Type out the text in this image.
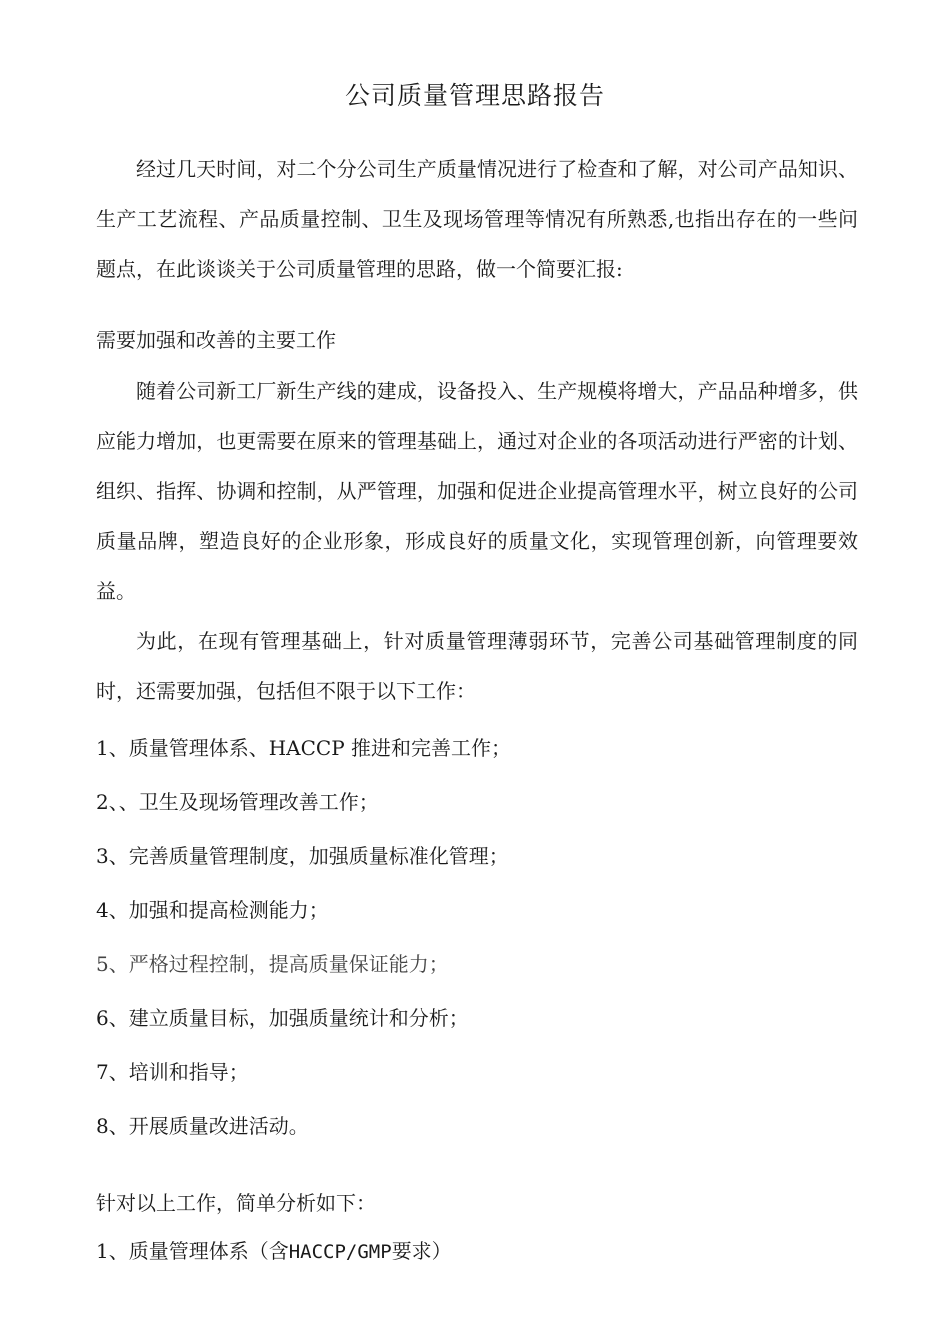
公司质量管理思路报告
经过几天时间，对二个分公司生产质量情况进行了检查和了解，对公司产品知识、生产工艺流程、产品质量控制、卫生及现场管理等情况有所熟悉,也指出存在的一些问题点，在此谈谈关于公司质量管理的思路，做一个简要汇报:
需要加强和改善的主要工作
随着公司新工厂新生产线的建成，设备投入、生产规模将增大，产品品种增多，供应能力增加，也更需要在原来的管理基础上，通过对企业的各项活动进行严密的计划、组织、指挥、协调和控制，从严管理，加强和促进企业提高管理水平，树立良好的公司质量品牌，塑造良好的企业形象，形成良好的质量文化，实现管理创新，向管理要效益。
为此，在现有管理基础上，针对质量管理薄弱环节，完善公司基础管理制度的同时，还需要加强，包括但不限于以下工作：
1、质量管理体系、HACCP 推进和完善工作；
2、、卫生及现场管理改善工作；
3、完善质量管理制度，加强质量标准化管理；
4、加强和提高检测能力；
5、严格过程控制，提高质量保证能力；
6、建立质量目标，加强质量统计和分析；
7、培训和指导；
8、开展质量改进活动。
针对以上工作，简单分析如下：
1、质量管理体系（含HACCP/GMP要求）
